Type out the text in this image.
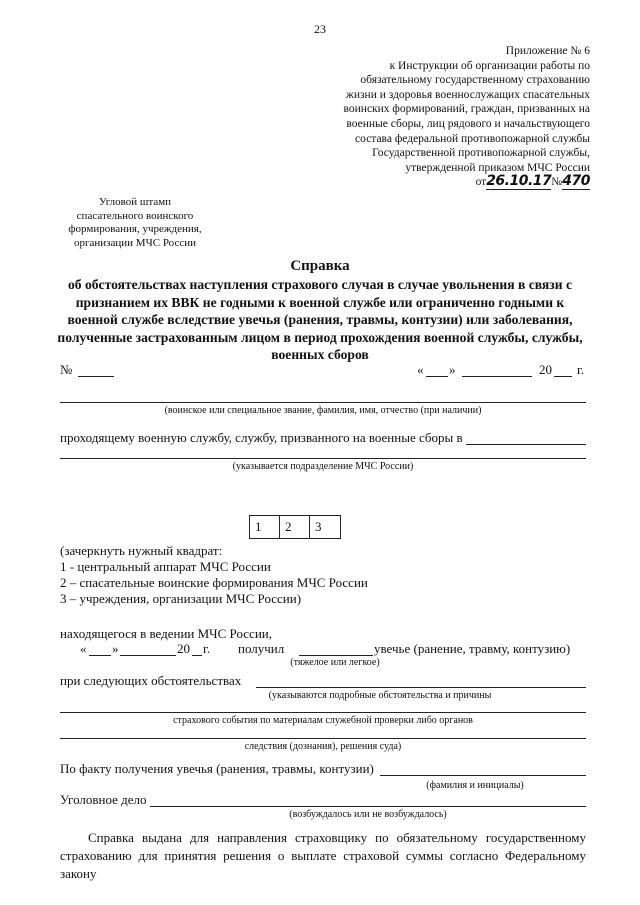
23
Приложение № 6
к Инструкции об организации работы по
обязательному государственному страхованию
жизни и здоровья военнослужащих спасательных
воинских формирований, граждан, призванных на
военные сборы, лиц рядового и начальствующего
состава федеральной противопожарной службы
Государственной противопожарной службы,
утвержденной приказом МЧС России
от26.10.17№470
Угловой штамп
спасательного воинского
формирования, учреждения,
организации МЧС России
Справка
об обстоятельствах наступления страхового случая в случае увольнения в связи с признанием их ВВК не годными к военной службе или ограниченно годными к военной службе вследствие увечья (ранения, травмы, контузии) или заболевания, полученные застрахованным лицом в период прохождения военной службы, службы, военных сборов
№	« »	20 г.
(воинское или специальное звание, фамилия, имя, отчество (при наличии)
проходящему военную службу, службу, призванного на военные сборы в
(указывается подразделение МЧС России)
1	2	3
(зачеркнуть нужный квадрат:
1 - центральный аппарат МЧС России
2 – спасательные воинские формирования МЧС России
3 – учреждения, организации МЧС России)
находящегося в ведении МЧС России,
« »	20 г. получил	увечье (ранение, травму, контузию)
(тяжелое или легкое)
при следующих обстоятельствах
(указываются подробные обстоятельства и причины
страхового события по материалам служебной проверки либо органов
следствия (дознания), решения суда)
По факту получения увечья (ранения, травмы, контузии)
(фамилия и инициалы)
Уголовное дело
(возбуждалось или не возбуждалось)
Справка выдана для направления страховщику по обязательному государственному страхованию для принятия решения о выплате страховой суммы согласно Федеральному закону
